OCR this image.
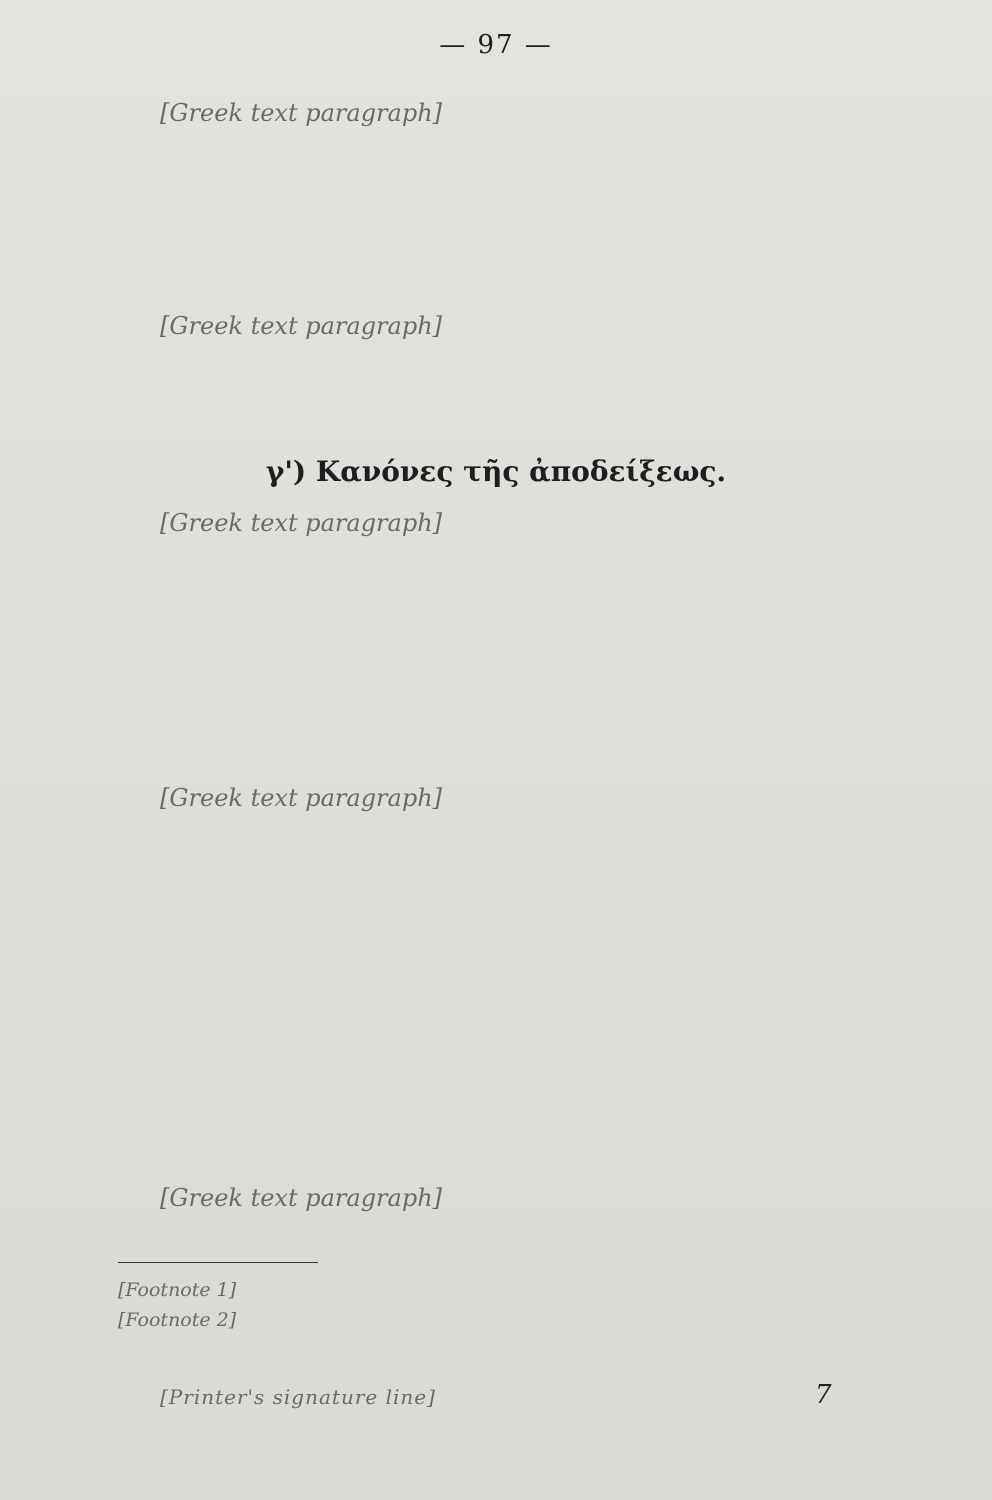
— 97 —
[Greek text paragraph]
[Greek text paragraph]
γ') Κανόνες τῆς ἀποδείξεως.
[Greek text paragraph]
[Greek text paragraph]
[Greek text paragraph]
[Footnote 1]
[Footnote 2]
[Printer's signature line]	7
